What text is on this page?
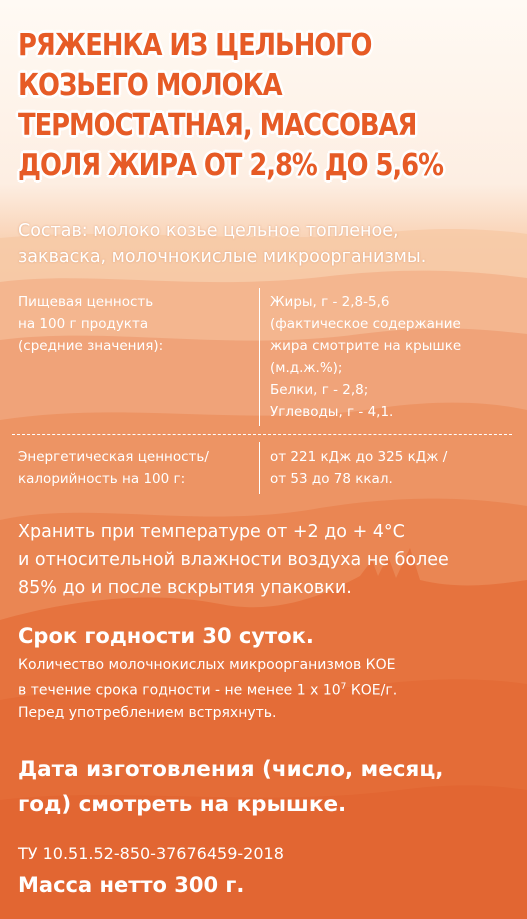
РЯЖЕНКА ИЗ ЦЕЛЬНОГО
КОЗЬЕГО МОЛОКА
ТЕРМОСТАТНАЯ, МАССОВАЯ
ДОЛЯ ЖИРА ОТ 2,8% ДО 5,6%
Состав: молоко козье цельное топленое,
закваска, молочнокислые микроорганизмы.
Пищевая ценность
на 100 г продукта
(средние значения):
Жиры, г - 2,8-5,6
(фактическое содержание
жира смотрите на крышке
(м.д.ж.%);
Белки, г - 2,8;
Углеводы, г - 4,1.
Энергетическая ценность/
калорийность на 100 г:
от 221 кДж до 325 кДж /
от 53 до 78 ккал.
Хранить при температуре от +2 до + 4°С
и относительной влажности воздуха не более
85% до и после вскрытия упаковки.
Срок годности 30 суток.
Количество молочнокислых микроорганизмов КОЕ
в течение срока годности - не менее 1 x $10^7$ КОЕ/г.
Перед употреблением встряхнуть.
Дата изготовления (число, месяц,
год) смотреть на крышке.
ТУ 10.51.52-850-37676459-2018
Масса нетто 300 г.
